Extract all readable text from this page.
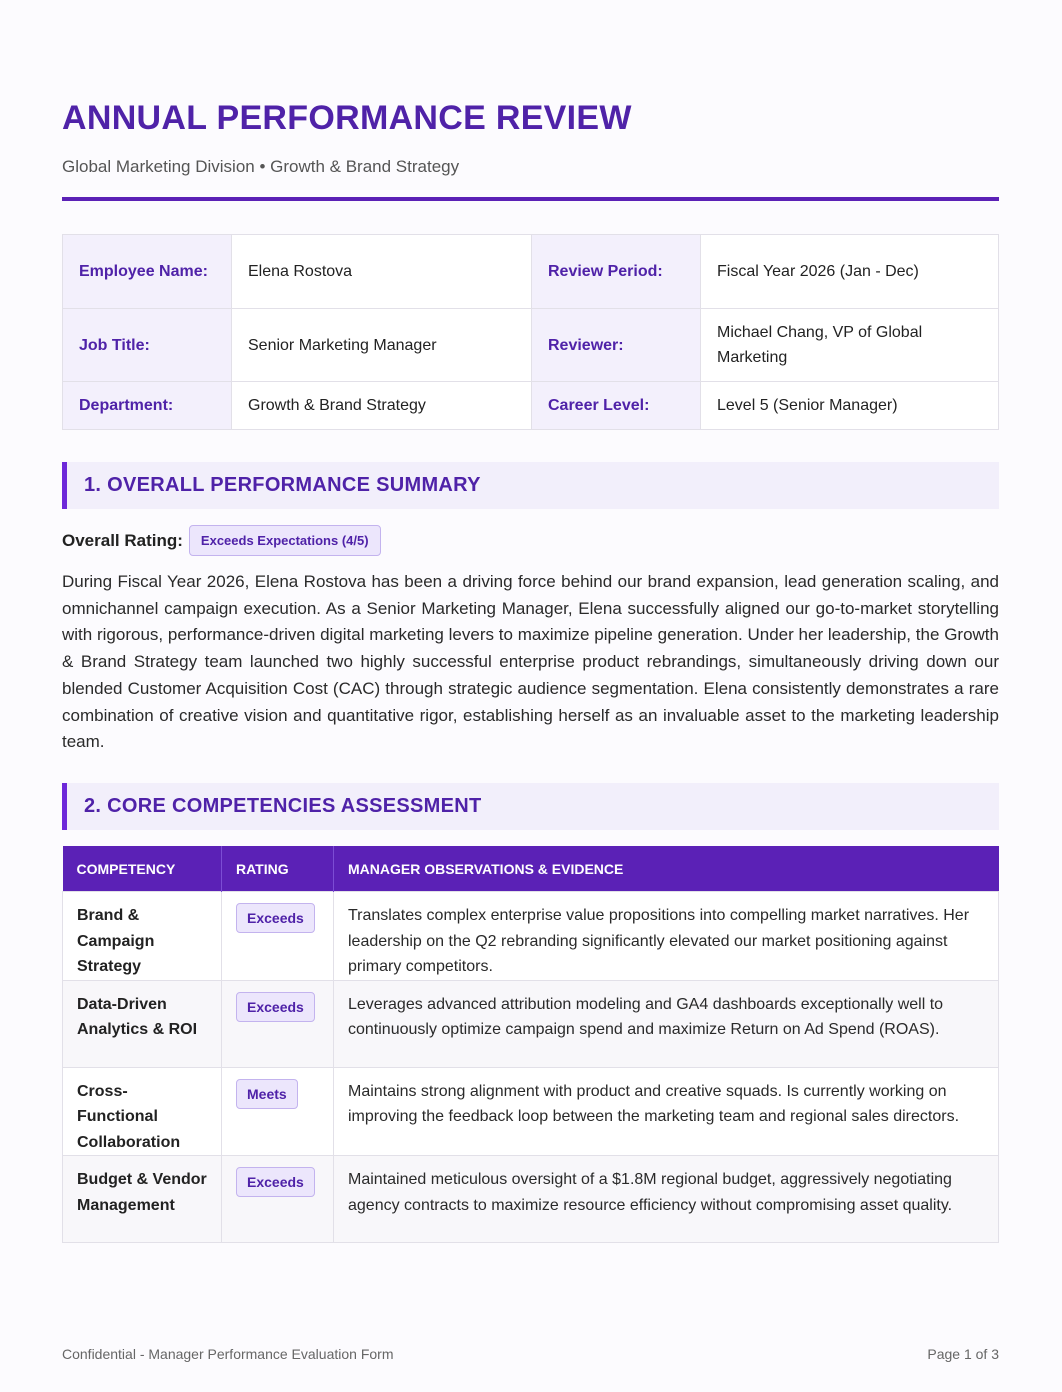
ANNUAL PERFORMANCE REVIEW
Global Marketing Division • Growth & Brand Strategy
Employee Name:	Elena Rostova	Review Period:	Fiscal Year 2026 (Jan - Dec)
Job Title:	Senior Marketing Manager	Reviewer:	Michael Chang, VP of Global Marketing
Department:	Growth & Brand Strategy	Career Level:	Level 5 (Senior Manager)
1. OVERALL PERFORMANCE SUMMARY
Overall Rating:	Exceeds Expectations (4/5)

During Fiscal Year 2026, Elena Rostova has been a driving force behind our brand expansion, lead generation scaling, and omnichannel campaign execution. As a Senior Marketing Manager, Elena successfully aligned our go-to-market storytelling with rigorous, performance-driven digital marketing levers to maximize pipeline generation. Under her leadership, the Growth & Brand Strategy team launched two highly successful enterprise product rebrandings, simultaneously driving down our blended Customer Acquisition Cost (CAC) through strategic audience segmentation. Elena consistently demonstrates a rare combination of creative vision and quantitative rigor, establishing herself as an invaluable asset to the marketing leadership team.

2. CORE COMPETENCIES ASSESSMENT
COMPETENCY	RATING	MANAGER OBSERVATIONS & EVIDENCE
Brand & Campaign Strategy	Exceeds	Translates complex enterprise value propositions into compelling market narratives. Her leadership on the Q2 rebranding significantly elevated our market positioning against primary competitors.
Data-Driven Analytics & ROI	Exceeds	Leverages advanced attribution modeling and GA4 dashboards exceptionally well to continuously optimize campaign spend and maximize Return on Ad Spend (ROAS).
Cross-Functional Collaboration	Meets	Maintains strong alignment with product and creative squads. Is currently working on improving the feedback loop between the marketing team and regional sales directors.
Budget & Vendor Management	Exceeds	Maintained meticulous oversight of a $1.8M regional budget, aggressively negotiating agency contracts to maximize resource efficiency without compromising asset quality.
Confidential - Manager Performance Evaluation Form	Page 1 of 3
